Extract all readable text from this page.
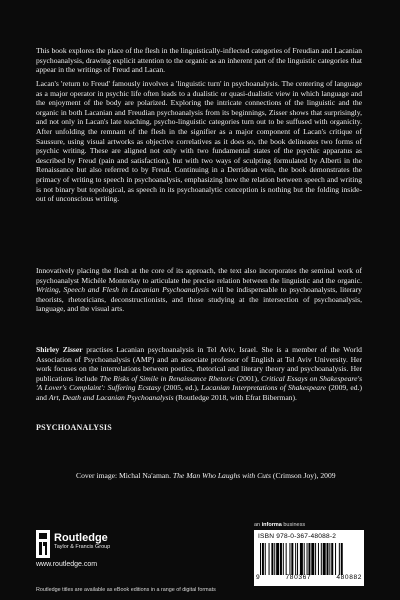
This book explores the place of the flesh in the linguistically-inflected categories of Freudian and Lacanian psychoanalysis, drawing explicit attention to the organic as an inherent part of the linguistic categories that appear in the writings of Freud and Lacan.

Lacan's 'return to Freud' famously involves a 'linguistic turn' in psychoanalysis. The centering of language as a major operator in psychic life often leads to a dualistic or quasi-dualistic view in which language and the enjoyment of the body are polarized. Exploring the intricate connections of the linguistic and the organic in both Lacanian and Freudian psychoanalysis from its beginnings, Zisser shows that surprisingly, and not only in Lacan's late teaching, psycho-linguistic categories turn out to be suffused with organicity. After unfolding the remnant of the flesh in the signifier as a major component of Lacan's critique of Saussure, using visual artworks as objective correlatives as it does so, the book delineates two forms of psychic writing. These are aligned not only with two fundamental states of the psychic apparatus as described by Freud (pain and satisfaction), but with two ways of sculpting formulated by Alberti in the Renaissance but also referred to by Freud. Continuing in a Derridean vein, the book demonstrates the primacy of writing to speech in psychoanalysis, emphasizing how the relation between speech and writing is not binary but topological, as speech in its psychoanalytic conception is nothing but the folding inside-out of unconscious writing.

Innovatively placing the flesh at the core of its approach, the text also incorporates the seminal work of psychoanalyst Michèle Montrelay to articulate the precise relation between the linguistic and the organic. Writing, Speech and Flesh in Lacanian Psychoanalysis will be indispensable to psychoanalysts, literary theorists, rhetoricians, deconstructionists, and those studying at the intersection of psychoanalysis, language, and the visual arts.

Shirley Zisser practises Lacanian psychoanalysis in Tel Aviv, Israel. She is a member of the World Association of Psychoanalysis (AMP) and an associate professor of English at Tel Aviv University. Her work focuses on the interrelations between poetics, rhetorical and literary theory and psychoanalysis. Her publications include The Risks of Simile in Renaissance Rhetoric (2001), Critical Essays on Shakespeare's 'A Lover's Complaint': Suffering Ecstasy (2005, ed.), Lacanian Interpretations of Shakespeare (2009, ed.) and Art, Death and Lacanian Psychoanalysis (Routledge 2018, with Efrat Biberman).

PSYCHOANALYSIS
Cover image: Michal Na'aman. The Man Who Laughs with Cuts (Crimson Joy), 2009
an informa business
Routledge
Taylor & Francis Group
www.routledge.com
ISBN 978-0-367-48088-2
9	780367	480882
Routledge titles are available as eBook editions in a range of digital formats
